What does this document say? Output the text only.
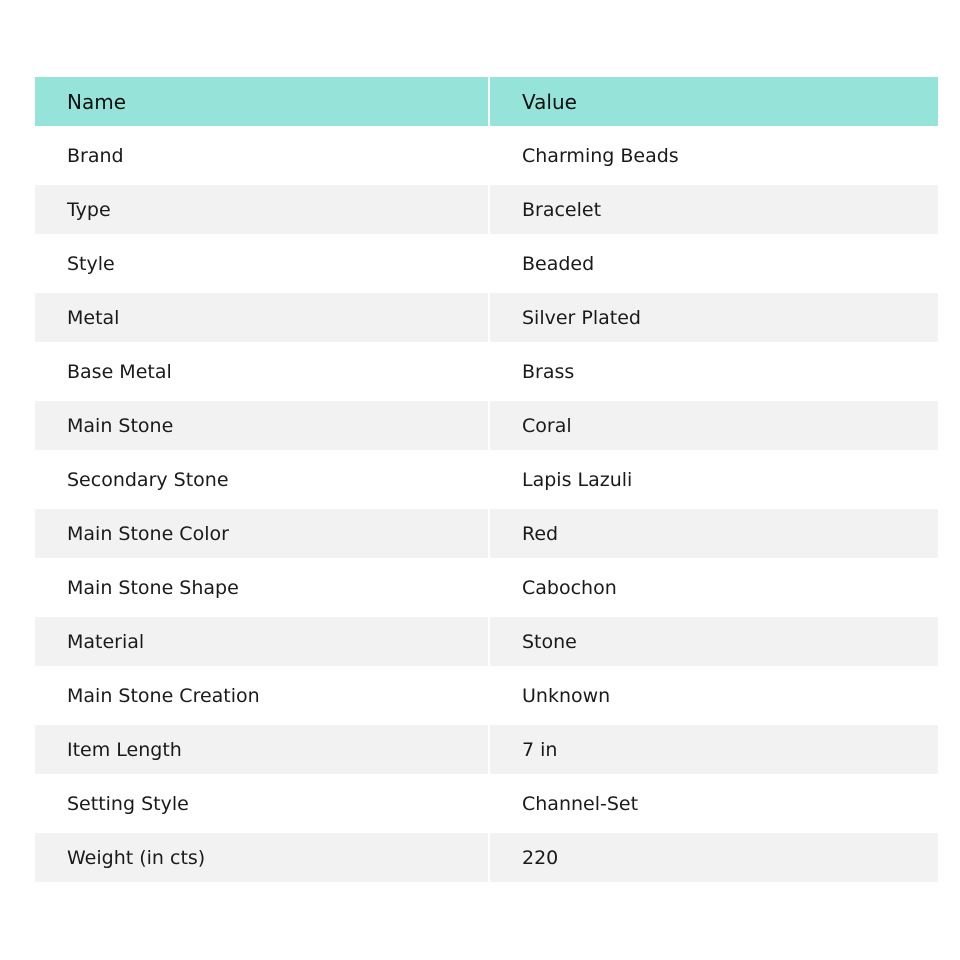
Name	Value
Brand	Charming Beads
Type	Bracelet
Style	Beaded
Metal	Silver Plated
Base Metal	Brass
Main Stone	Coral
Secondary Stone	Lapis Lazuli
Main Stone Color	Red
Main Stone Shape	Cabochon
Material	Stone
Main Stone Creation	Unknown
Item Length	7 in
Setting Style	Channel-Set
Weight (in cts)	220
